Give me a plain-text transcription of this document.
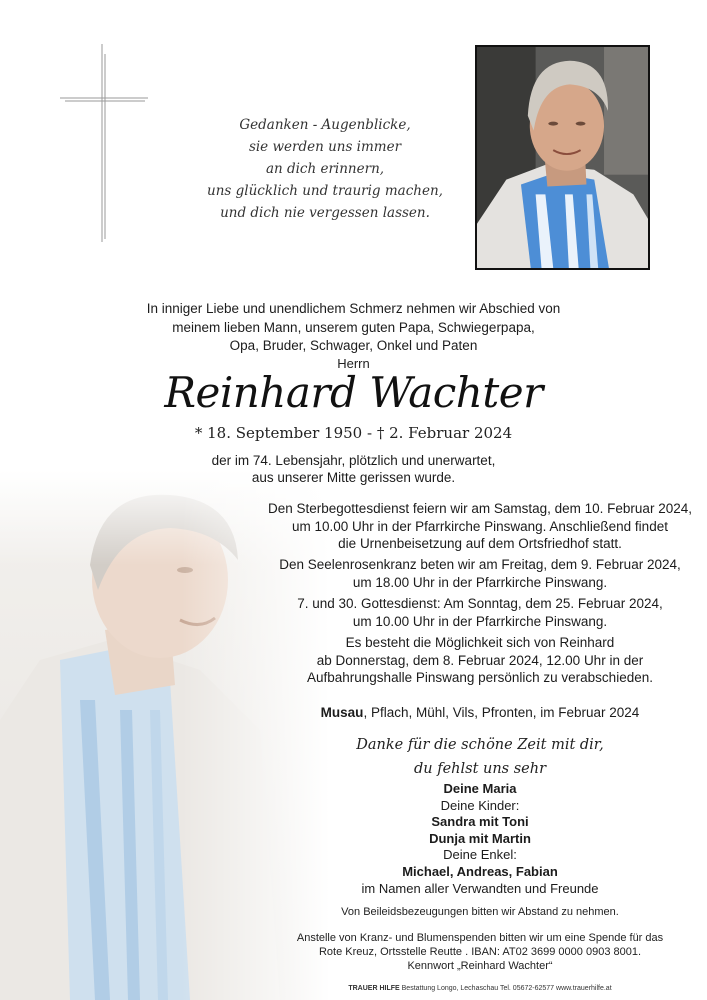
Gedanken - Augenblicke,
sie werden uns immer
an dich erinnern,
uns glücklich und traurig machen,
und dich nie vergessen lassen.
In inniger Liebe und unendlichem Schmerz nehmen wir Abschied von
meinem lieben Mann, unserem guten Papa, Schwiegerpapa,
Opa, Bruder, Schwager, Onkel und Paten
Herrn
Reinhard Wachter
* 18. September 1950 - † 2. Februar 2024
der im 74. Lebensjahr, plötzlich und unerwartet,
aus unserer Mitte gerissen wurde.
Den Sterbegottesdienst feiern wir am Samstag, dem 10. Februar 2024,
um 10.00 Uhr in der Pfarrkirche Pinswang. Anschließend findet
die Urnenbeisetzung auf dem Ortsfriedhof statt.
Den Seelenrosenkranz beten wir am Freitag, dem 9. Februar 2024,
um 18.00 Uhr in der Pfarrkirche Pinswang.
7. und 30. Gottesdienst: Am Sonntag, dem 25. Februar 2024,
um 10.00 Uhr in der Pfarrkirche Pinswang.
Es besteht die Möglichkeit sich von Reinhard
ab Donnerstag, dem 8. Februar 2024, 12.00 Uhr in der
Aufbahrungshalle Pinswang persönlich zu verabschieden.
Musau, Pflach, Mühl, Vils, Pfronten, im Februar 2024
Danke für die schöne Zeit mit dir,
du fehlst uns sehr
Deine Maria
Deine Kinder:
Sandra mit Toni
Dunja mit Martin
Deine Enkel:
Michael, Andreas, Fabian
im Namen aller Verwandten und Freunde
Von Beileidsbezeugungen bitten wir Abstand zu nehmen.
Anstelle von Kranz- und Blumenspenden bitten wir um eine Spende für das
Rote Kreuz, Ortsstelle Reutte . IBAN: AT02 3699 0000 0903 8001.
Kennwort „Reinhard Wachter“
TRAUER HILFE Bestattung Longo, Lechaschau Tel. 05672-62577 www.trauerhilfe.at
